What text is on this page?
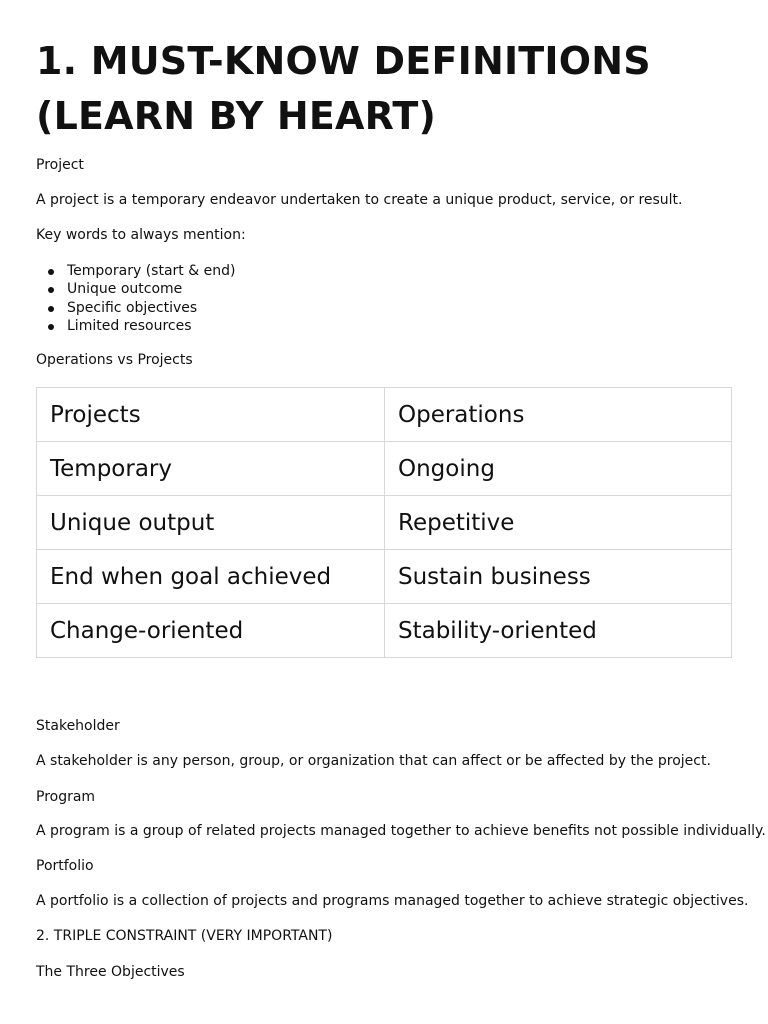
1. MUST-KNOW DEFINITIONS
(LEARN BY HEART)

Project

A project is a temporary endeavor undertaken to create a unique product, service, or result.

Key words to always mention:

Temporary (start & end)
Unique outcome
Specific objectives
Limited resources

Operations vs Projects

Projects	Operations
Temporary	Ongoing
Unique output	Repetitive
End when goal achieved	Sustain business
Change-oriented	Stability-oriented

Stakeholder

A stakeholder is any person, group, or organization that can affect or be affected by the project.

Program

A program is a group of related projects managed together to achieve benefits not possible individually.

Portfolio

A portfolio is a collection of projects and programs managed together to achieve strategic objectives.

2. TRIPLE CONSTRAINT (VERY IMPORTANT)

The Three Objectives
